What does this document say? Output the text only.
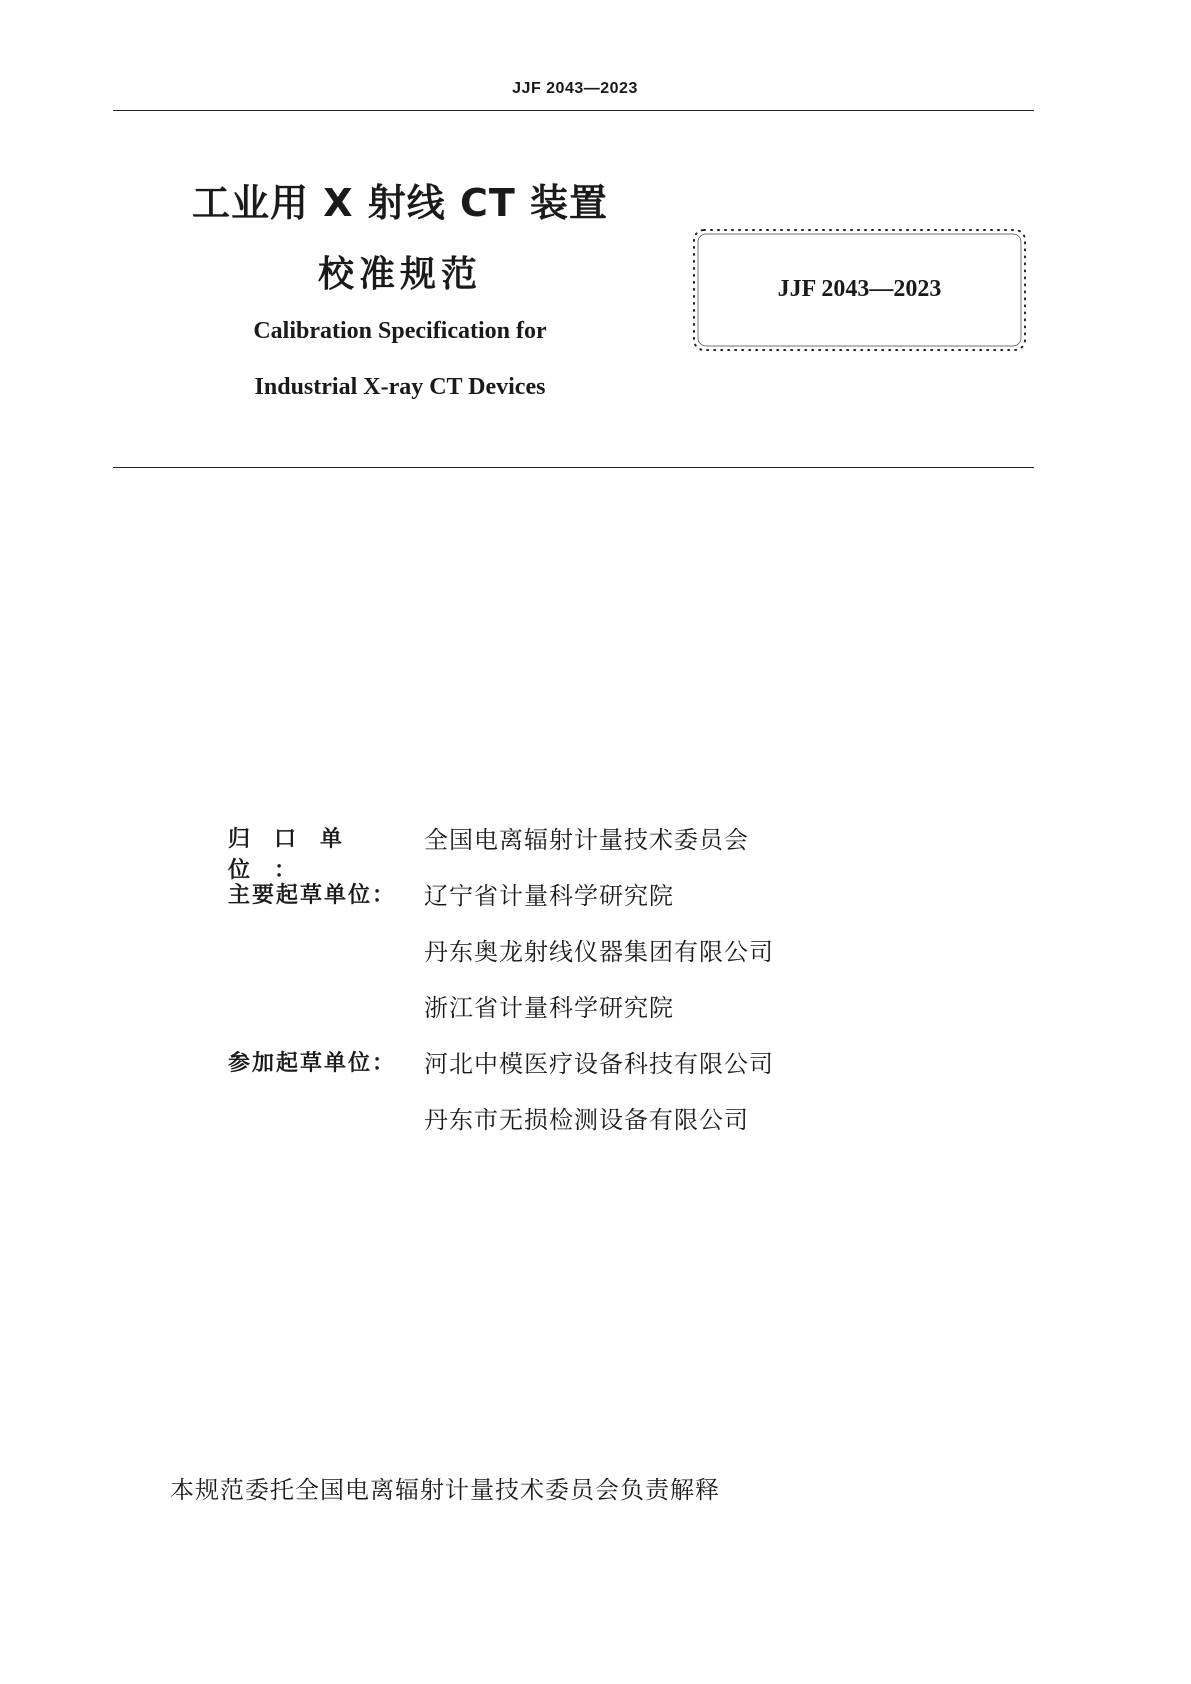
JJF 2043—2023
工业用 X 射线 CT 装置
校准规范
Calibration Specification for
Industrial X-ray CT Devices
JJF 2043—2023
归口单位：
全国电离辐射计量技术委员会
主要起草单位：	辽宁省计量科学研究院
丹东奥龙射线仪器集团有限公司
浙江省计量科学研究院
参加起草单位：	河北中模医疗设备科技有限公司
丹东市无损检测设备有限公司
本规范委托全国电离辐射计量技术委员会负责解释
